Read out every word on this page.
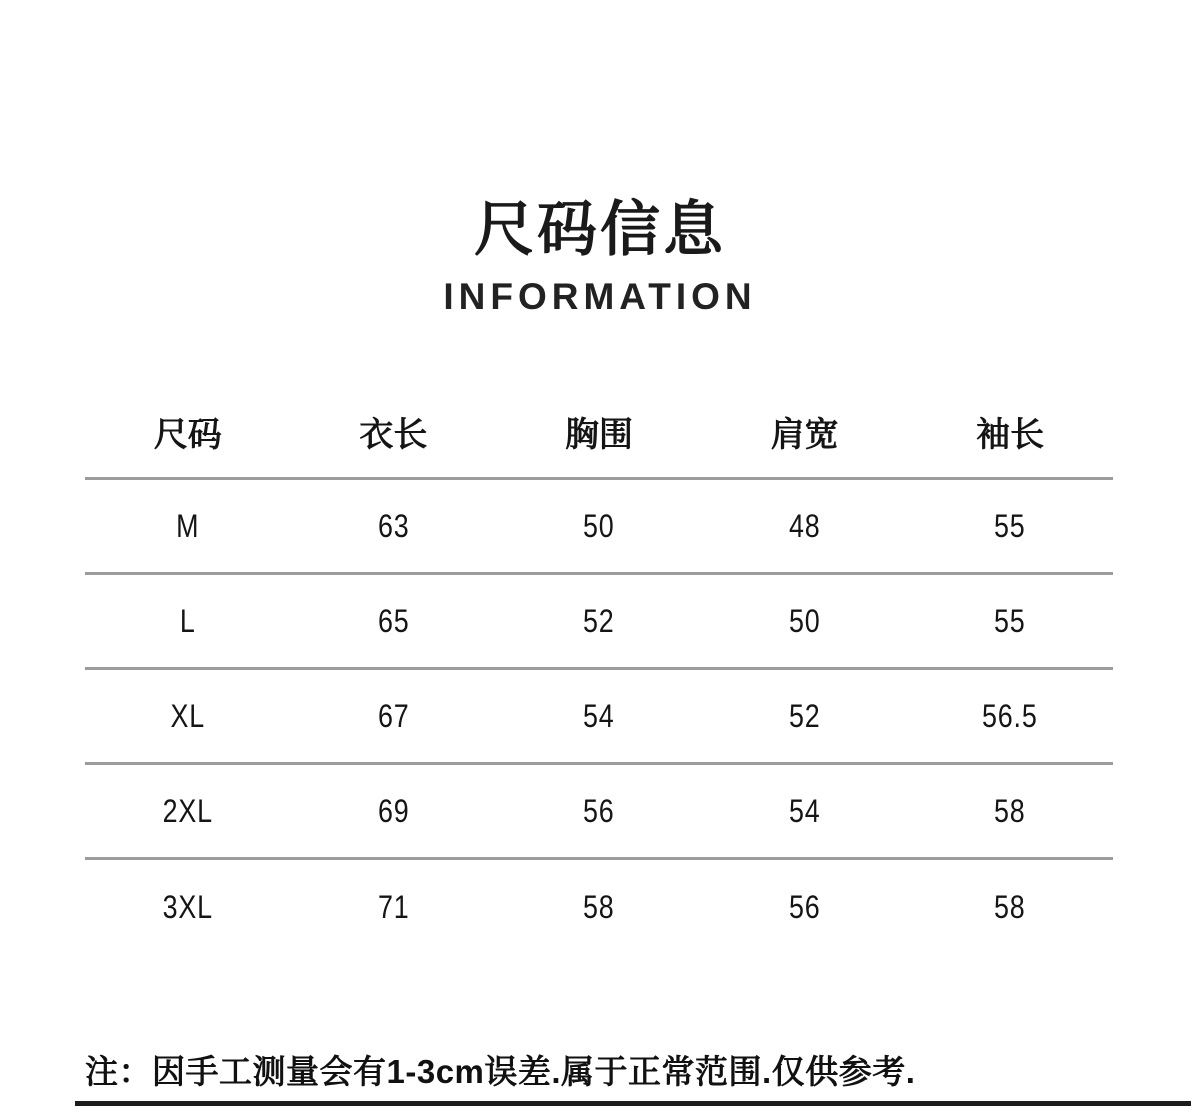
尺码信息
INFORMATION
尺码	衣长	胸围	肩宽	袖长
M	63	50	48	55
L	65	52	50	55
XL	67	54	52	56.5
2XL	69	56	54	58
3XL	71	58	56	58
注：因手工测量会有1-3cm误差.属于正常范围.仅供参考.
